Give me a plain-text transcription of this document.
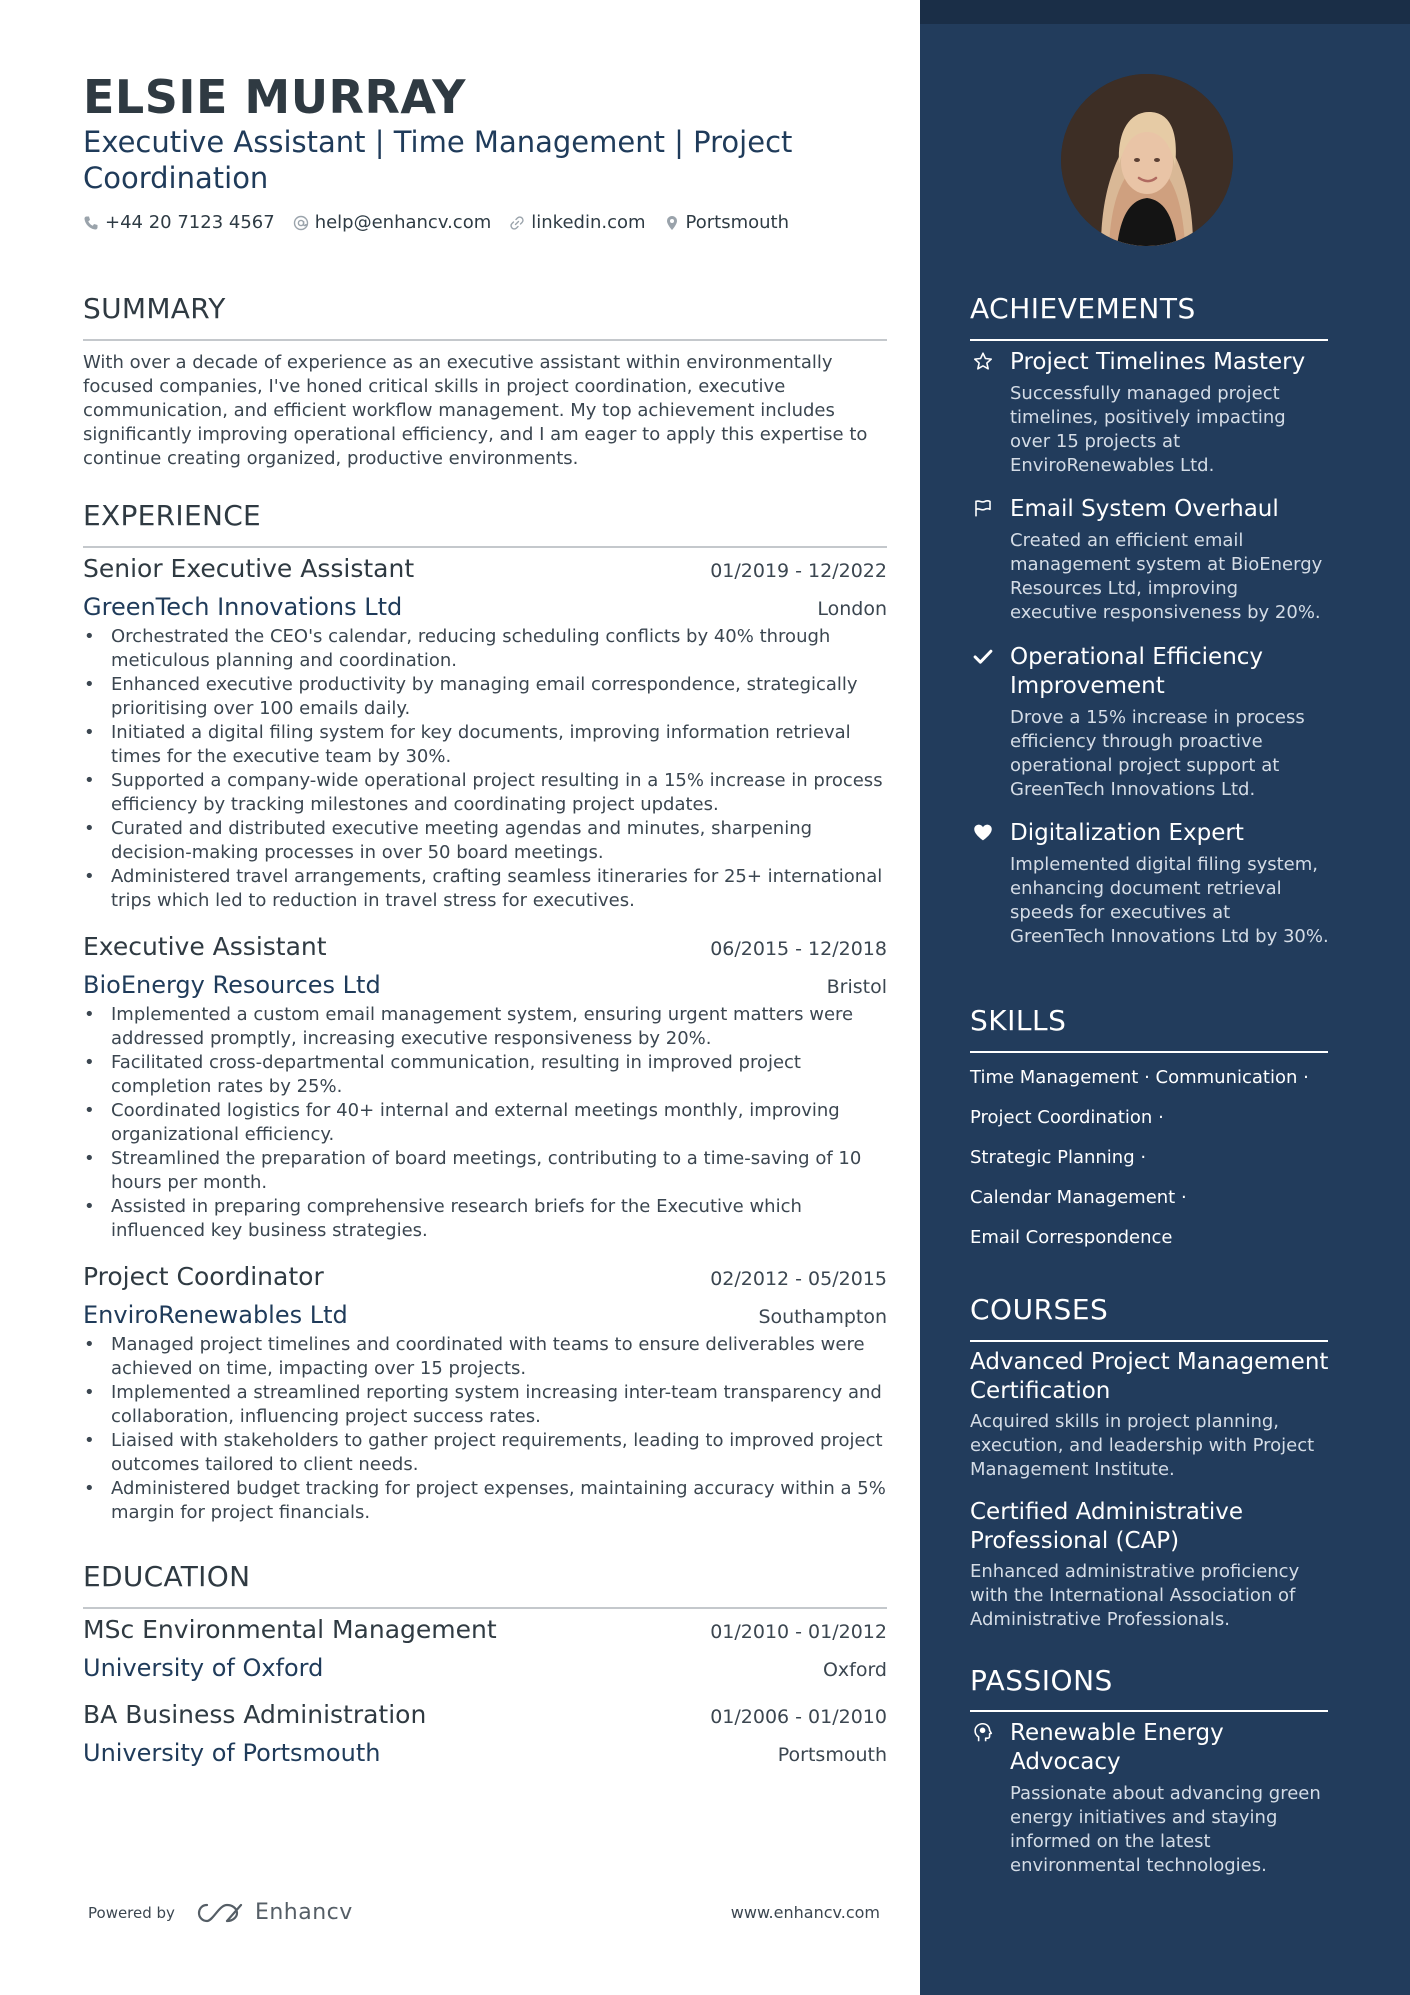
ELSIE MURRAY
Executive Assistant | Time Management | Project Coordination
+44 20 7123 4567 help@enhancv.com linkedin.com Portsmouth
SUMMARY
With over a decade of experience as an executive assistant within environmentally focused companies, I've honed critical skills in project coordination, executive communication, and efficient workflow management. My top achievement includes significantly improving operational efficiency, and I am eager to apply this expertise to continue creating organized, productive environments.
EXPERIENCE
Senior Executive Assistant	01/2019 - 12/2022
GreenTech Innovations Ltd	London
• Orchestrated the CEO's calendar, reducing scheduling conflicts by 40% through meticulous planning and coordination.
• Enhanced executive productivity by managing email correspondence, strategically prioritising over 100 emails daily.
• Initiated a digital filing system for key documents, improving information retrieval times for the executive team by 30%.
• Supported a company-wide operational project resulting in a 15% increase in process efficiency by tracking milestones and coordinating project updates.
• Curated and distributed executive meeting agendas and minutes, sharpening decision-making processes in over 50 board meetings.
• Administered travel arrangements, crafting seamless itineraries for 25+ international trips which led to reduction in travel stress for executives.
Executive Assistant	06/2015 - 12/2018
BioEnergy Resources Ltd	Bristol
• Implemented a custom email management system, ensuring urgent matters were addressed promptly, increasing executive responsiveness by 20%.
• Facilitated cross-departmental communication, resulting in improved project completion rates by 25%.
• Coordinated logistics for 40+ internal and external meetings monthly, improving organizational efficiency.
• Streamlined the preparation of board meetings, contributing to a time-saving of 10 hours per month.
• Assisted in preparing comprehensive research briefs for the Executive which influenced key business strategies.
Project Coordinator	02/2012 - 05/2015
EnviroRenewables Ltd	Southampton
• Managed project timelines and coordinated with teams to ensure deliverables were achieved on time, impacting over 15 projects.
• Implemented a streamlined reporting system increasing inter-team transparency and collaboration, influencing project success rates.
• Liaised with stakeholders to gather project requirements, leading to improved project outcomes tailored to client needs.
• Administered budget tracking for project expenses, maintaining accuracy within a 5% margin for project financials.
EDUCATION
MSc Environmental Management	01/2010 - 01/2012
University of Oxford	Oxford
BA Business Administration	01/2006 - 01/2010
University of Portsmouth	Portsmouth
Powered by	Enhancv	www.enhancv.com
ACHIEVEMENTS
Project Timelines Mastery
Successfully managed project timelines, positively impacting over 15 projects at EnviroRenewables Ltd.
Email System Overhaul
Created an efficient email management system at BioEnergy Resources Ltd, improving executive responsiveness by 20%.
Operational Efficiency Improvement
Drove a 15% increase in process efficiency through proactive operational project support at GreenTech Innovations Ltd.
Digitalization Expert
Implemented digital filing system, enhancing document retrieval speeds for executives at GreenTech Innovations Ltd by 30%.
SKILLS
Time Management · Communication ·
Project Coordination ·
Strategic Planning ·
Calendar Management ·
Email Correspondence
COURSES
Advanced Project Management Certification
Acquired skills in project planning, execution, and leadership with Project Management Institute.
Certified Administrative Professional (CAP)
Enhanced administrative proficiency with the International Association of Administrative Professionals.
PASSIONS
Renewable Energy Advocacy
Passionate about advancing green energy initiatives and staying informed on the latest environmental technologies.
